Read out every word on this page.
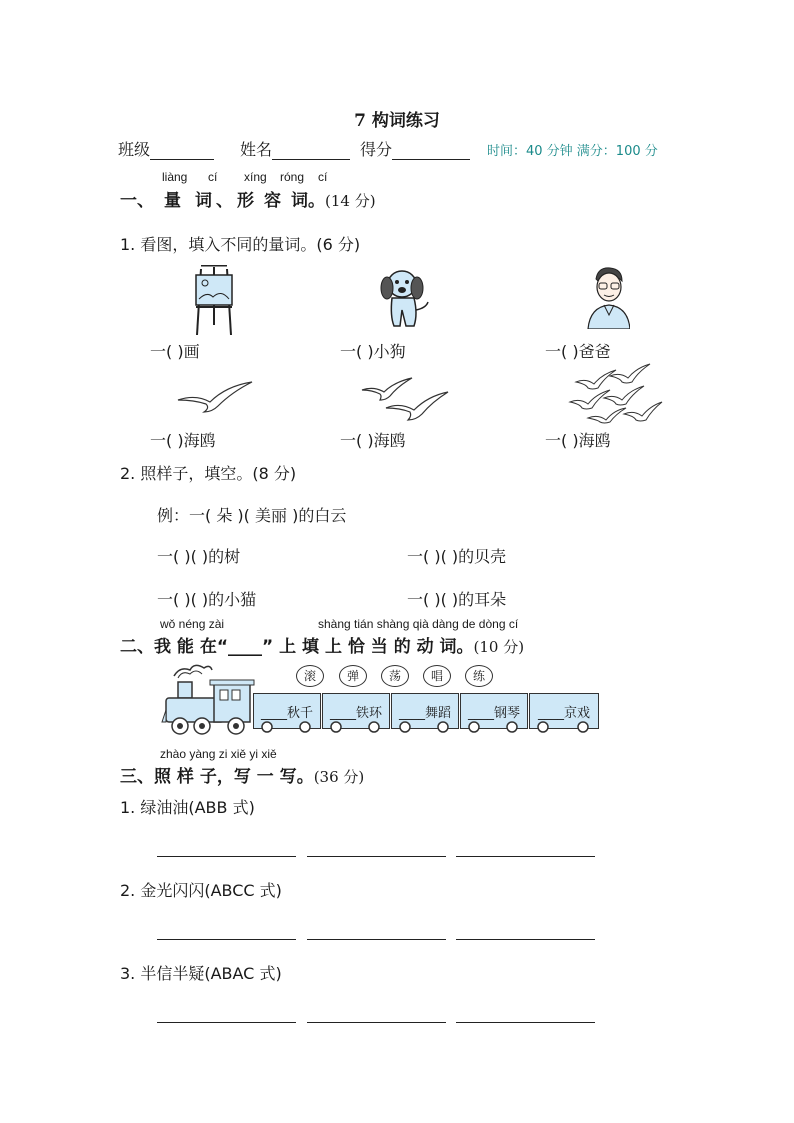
7 构词练习
班级	姓名	得分	时间：40 分钟 满分：100 分
liàng cí xíng róng cí
一、 量 词 、 形 容 词。(14 分)
1. 看图，填入不同的量词。(6 分)
一( )画	一( )小狗	一( )爸爸
一( )海鸥	一( )海鸥	一( )海鸥
2. 照样子，填空。(8 分)
例：一( 朵 )( 美丽 )的白云
一( )( )的树	一( )( )的贝壳
一( )( )的小猫	一( )( )的耳朵
wǒ néng zài	shàng tián shàng qià dàng de dòng cí
二、我 能 在“____” 上 填 上 恰 当 的 动 词。(10 分)
滚	弹	荡	唱	练
____秋千	____铁环	____舞蹈	____钢琴	____京戏
zhào yàng zi xiě yi xiě
三、照 样 子，写 一 写。(36 分)
1. 绿油油(ABB 式)
2. 金光闪闪(ABCC 式)
3. 半信半疑(ABAC 式)
